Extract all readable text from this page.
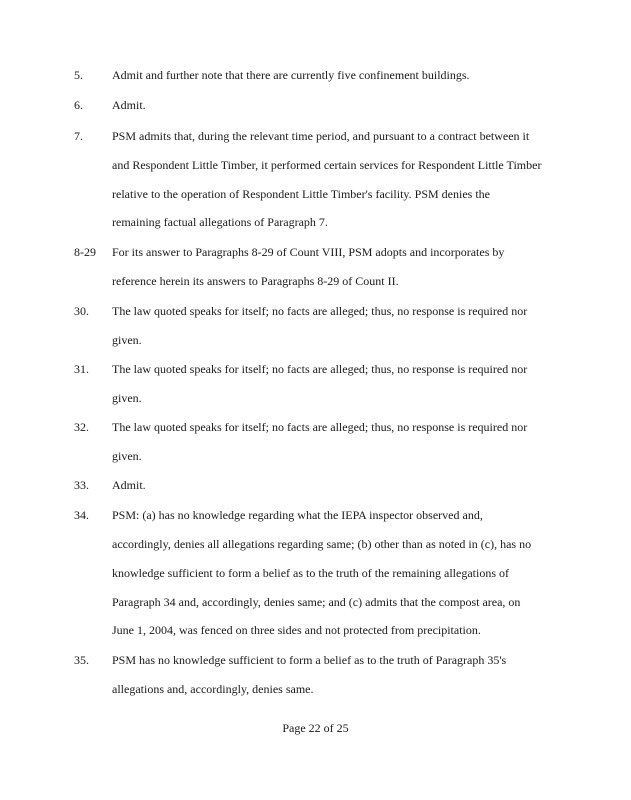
5. Admit and further note that there are currently five confinement buildings.
6. Admit.
7. PSM admits that, during the relevant time period, and pursuant to a contract between it
and Respondent Little Timber, it performed certain services for Respondent Little Timber
relative to the operation of Respondent Little Timber's facility. PSM denies the
remaining factual allegations of Paragraph 7.
8-29 For its answer to Paragraphs 8-29 of Count VIII, PSM adopts and incorporates by
reference herein its answers to Paragraphs 8-29 of Count II.
30. The law quoted speaks for itself; no facts are alleged; thus, no response is required nor
given.
31. The law quoted speaks for itself; no facts are alleged; thus, no response is required nor
given.
32. The law quoted speaks for itself; no facts are alleged; thus, no response is required nor
given.
33. Admit.
34. PSM: (a) has no knowledge regarding what the IEPA inspector observed and,
accordingly, denies all allegations regarding same; (b) other than as noted in (c), has no
knowledge sufficient to form a belief as to the truth of the remaining allegations of
Paragraph 34 and, accordingly, denies same; and (c) admits that the compost area, on
June 1, 2004, was fenced on three sides and not protected from precipitation.
35. PSM has no knowledge sufficient to form a belief as to the truth of Paragraph 35's
allegations and, accordingly, denies same.
Page 22 of 25
